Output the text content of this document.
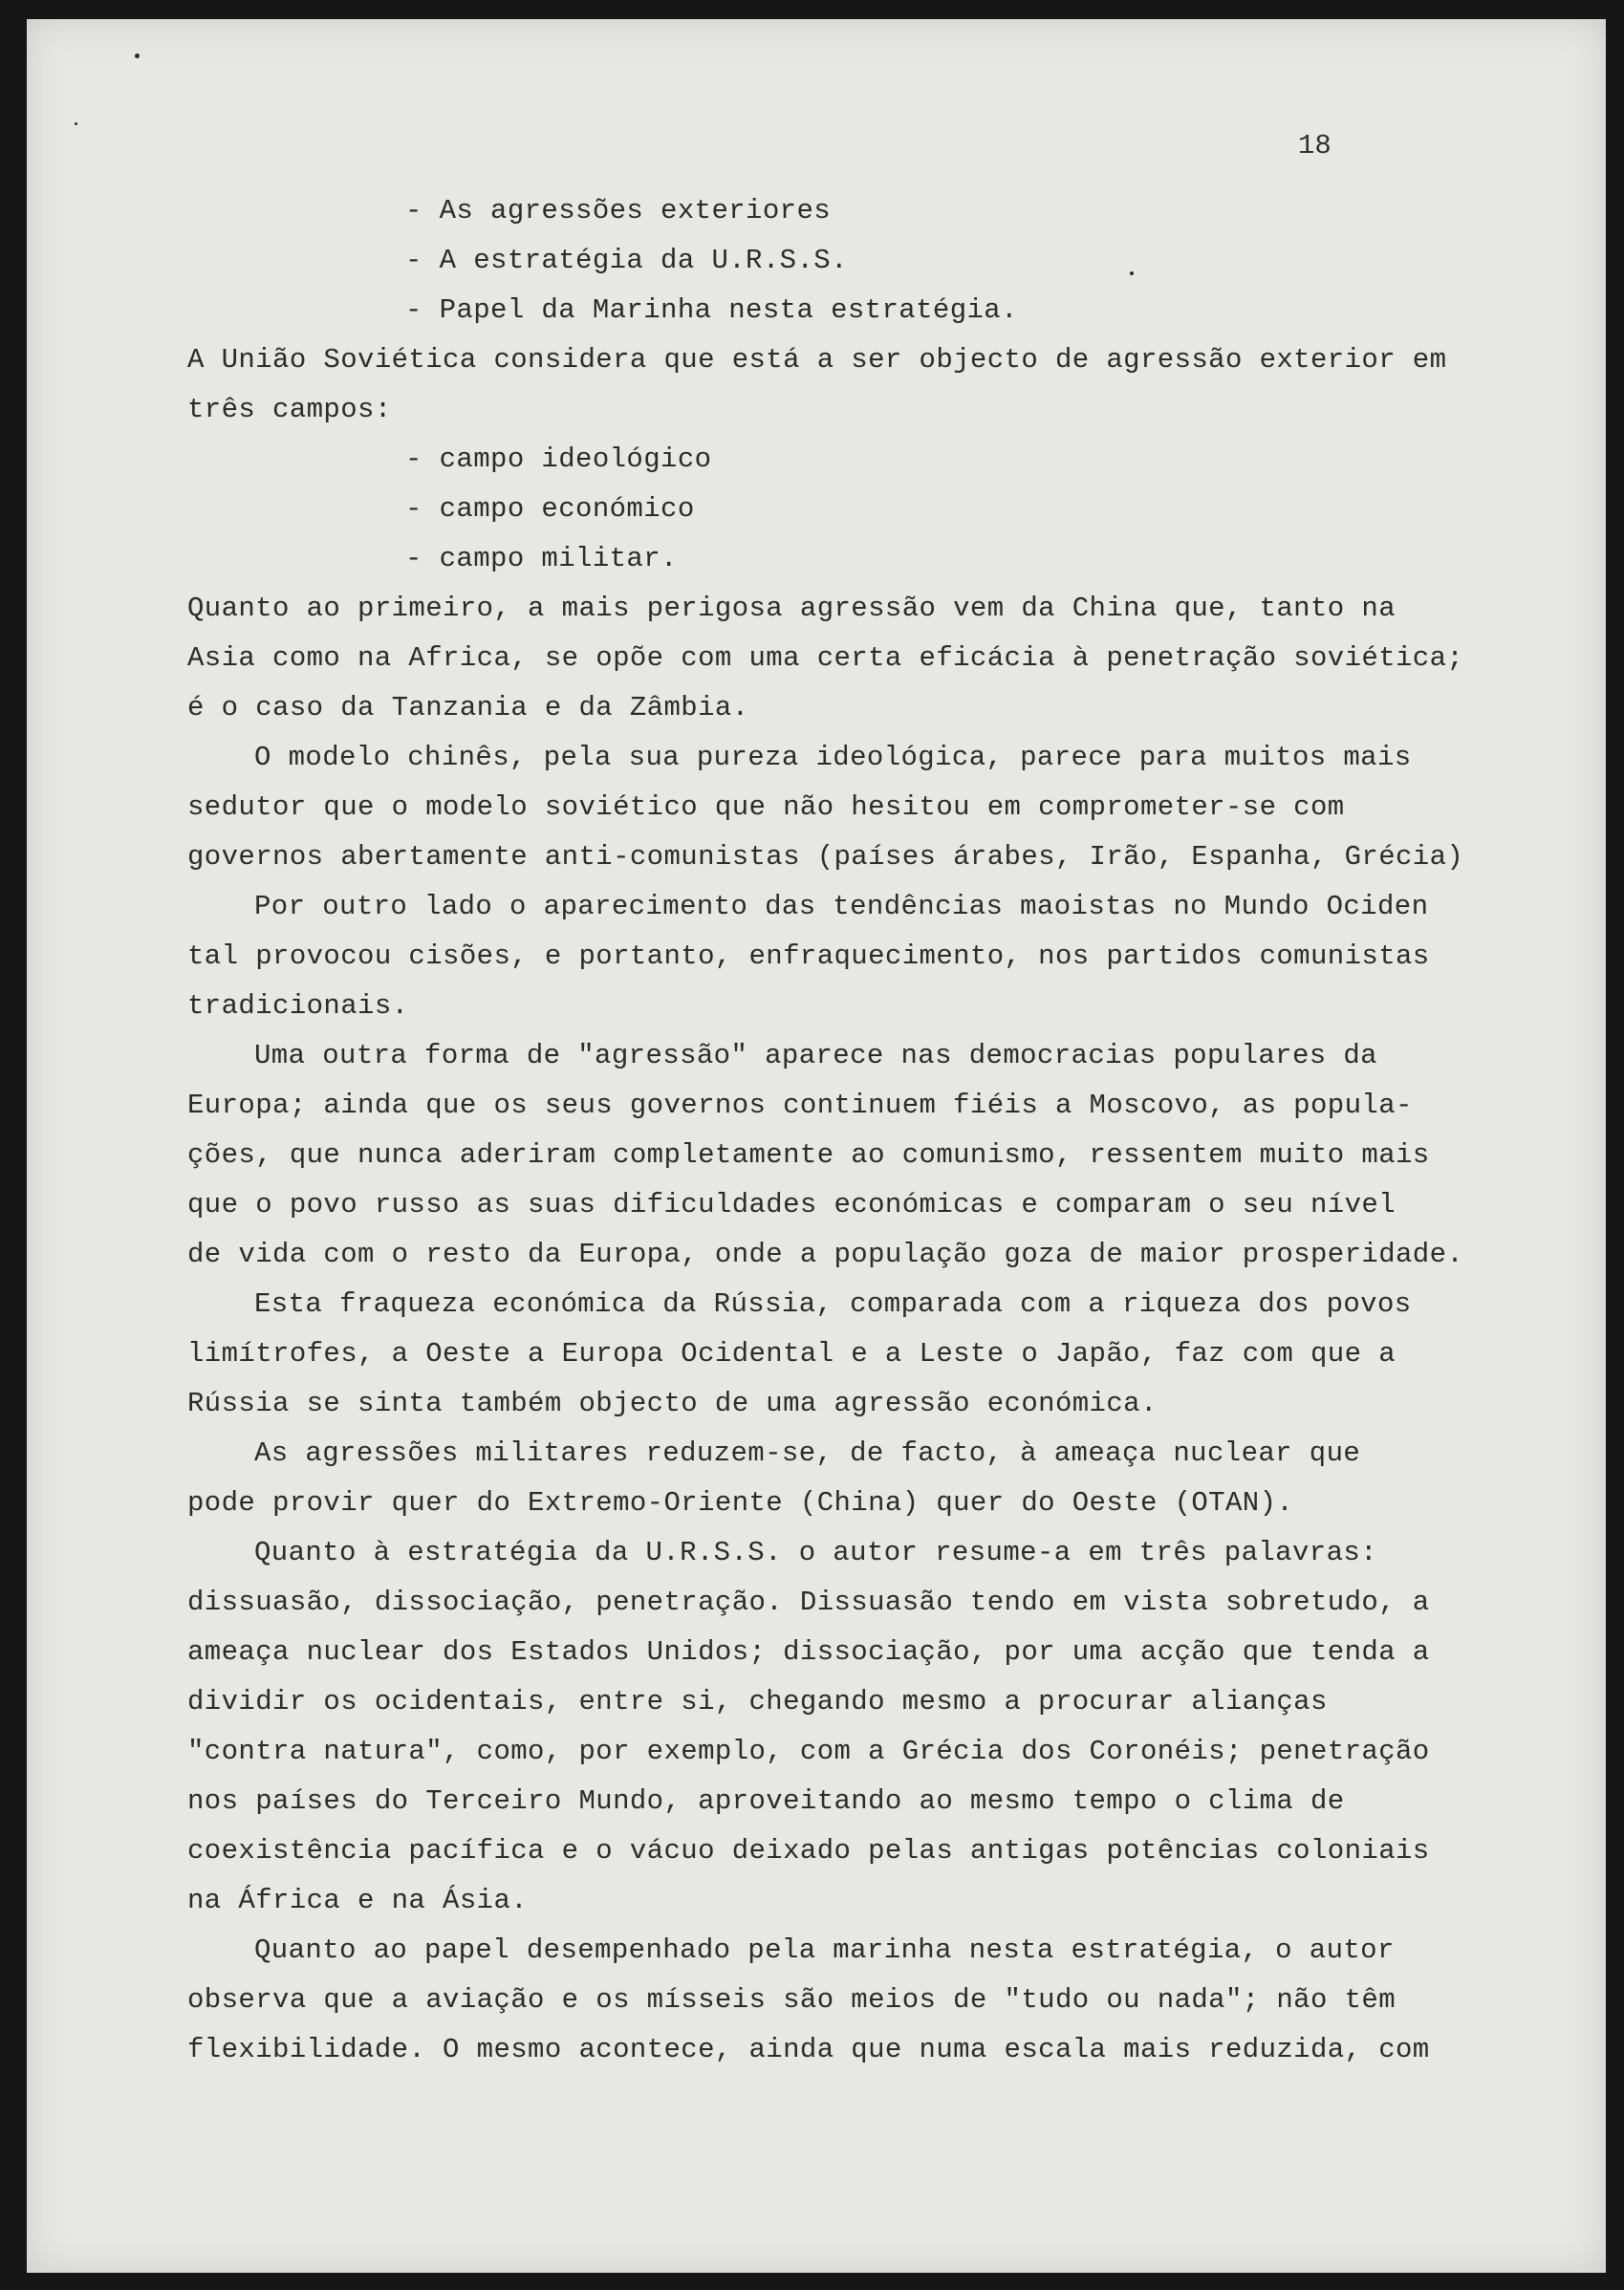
18
- As agressões exteriores
- A estratégia da U.R.S.S.
- Papel da Marinha nesta estratégia.
A União Soviética considera que está a ser objecto de agressão exterior em
três campos:
- campo ideológico
- campo económico
- campo militar.
Quanto ao primeiro, a mais perigosa agressão vem da China que, tanto na
Asia como na Africa, se opõe com uma certa eficácia à penetração soviética;
é o caso da Tanzania e da Zâmbia.
O modelo chinês, pela sua pureza ideológica, parece para muitos mais
sedutor que o modelo soviético que não hesitou em comprometer-se com
governos abertamente anti-comunistas (países árabes, Irão, Espanha, Grécia)
Por outro lado o aparecimento das tendências maoistas no Mundo Ociden
tal provocou cisões, e portanto, enfraquecimento, nos partidos comunistas
tradicionais.
Uma outra forma de "agressão" aparece nas democracias populares da
Europa; ainda que os seus governos continuem fiéis a Moscovo, as popula-
ções, que nunca aderiram completamente ao comunismo, ressentem muito mais
que o povo russo as suas dificuldades económicas e comparam o seu nível
de vida com o resto da Europa, onde a população goza de maior prosperidade.
Esta fraqueza económica da Rússia, comparada com a riqueza dos povos
limítrofes, a Oeste a Europa Ocidental e a Leste o Japão, faz com que a
Rússia se sinta também objecto de uma agressão económica.
As agressões militares reduzem-se, de facto, à ameaça nuclear que
pode provir quer do Extremo-Oriente (China) quer do Oeste (OTAN).
Quanto à estratégia da U.R.S.S. o autor resume-a em três palavras:
dissuasão, dissociação, penetração. Dissuasão tendo em vista sobretudo, a
ameaça nuclear dos Estados Unidos; dissociação, por uma acção que tenda a
dividir os ocidentais, entre si, chegando mesmo a procurar alianças
"contra natura", como, por exemplo, com a Grécia dos Coronéis; penetração
nos países do Terceiro Mundo, aproveitando ao mesmo tempo o clima de
coexistência pacífica e o vácuo deixado pelas antigas potências coloniais
na África e na Ásia.
Quanto ao papel desempenhado pela marinha nesta estratégia, o autor
observa que a aviação e os mísseis são meios de "tudo ou nada"; não têm
flexibilidade. O mesmo acontece, ainda que numa escala mais reduzida, com
